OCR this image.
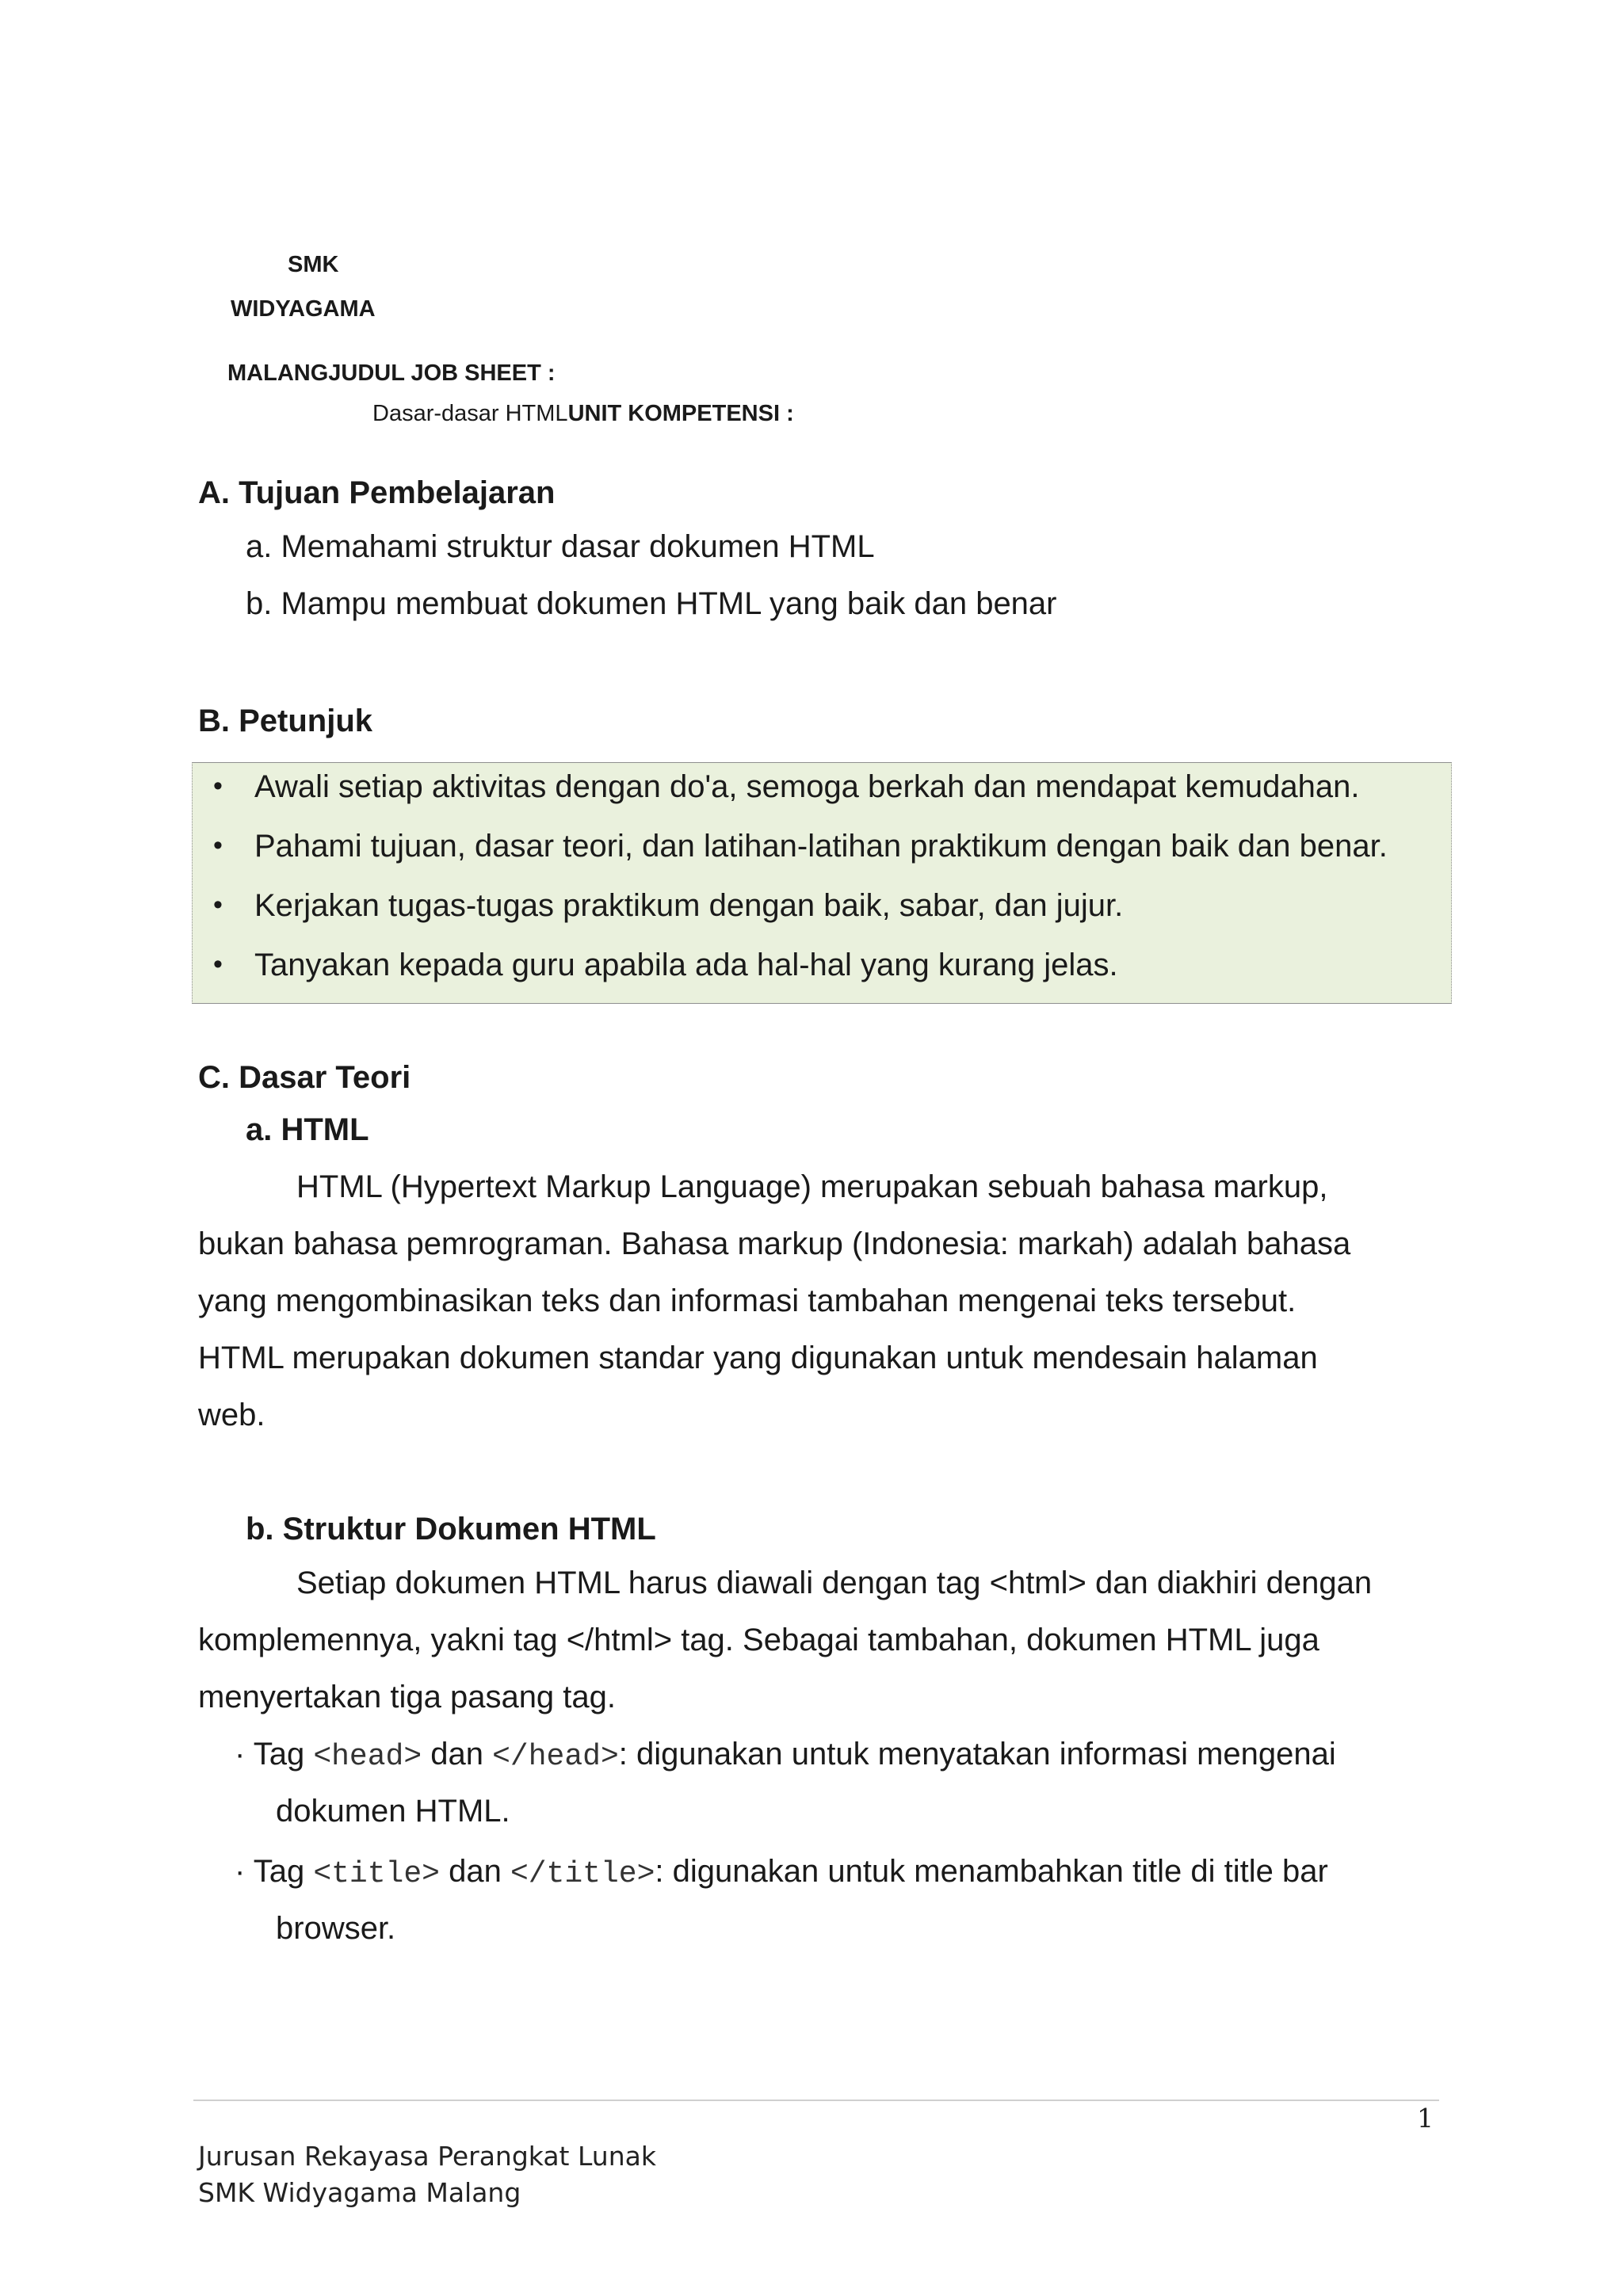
SMK
WIDYAGAMA
MALANGJUDUL JOB SHEET :
Dasar-dasar HTMLUNIT KOMPETENSI :
A. Tujuan Pembelajaran
a. Memahami struktur dasar dokumen HTML
b. Mampu membuat dokumen HTML yang baik dan benar
B. Petunjuk
• Awali setiap aktivitas dengan do'a, semoga berkah dan mendapat kemudahan.
• Pahami tujuan, dasar teori, dan latihan-latihan praktikum dengan baik dan benar.
• Kerjakan tugas-tugas praktikum dengan baik, sabar, dan jujur.
• Tanyakan kepada guru apabila ada hal-hal yang kurang jelas.
C. Dasar Teori
a. HTML
HTML (Hypertext Markup Language) merupakan sebuah bahasa markup,
bukan bahasa pemrograman. Bahasa markup (Indonesia: markah) adalah bahasa
yang mengombinasikan teks dan informasi tambahan mengenai teks tersebut.
HTML merupakan dokumen standar yang digunakan untuk mendesain halaman
web.
b. Struktur Dokumen HTML
Setiap dokumen HTML harus diawali dengan tag <html> dan diakhiri dengan
komplemennya, yakni tag </html> tag. Sebagai tambahan, dokumen HTML juga
menyertakan tiga pasang tag.
· Tag <head> dan </head>: digunakan untuk menyatakan informasi mengenai
dokumen HTML.
· Tag <title> dan </title>: digunakan untuk menambahkan title di title bar
browser.
1
Jurusan Rekayasa Perangkat Lunak
SMK Widyagama Malang
